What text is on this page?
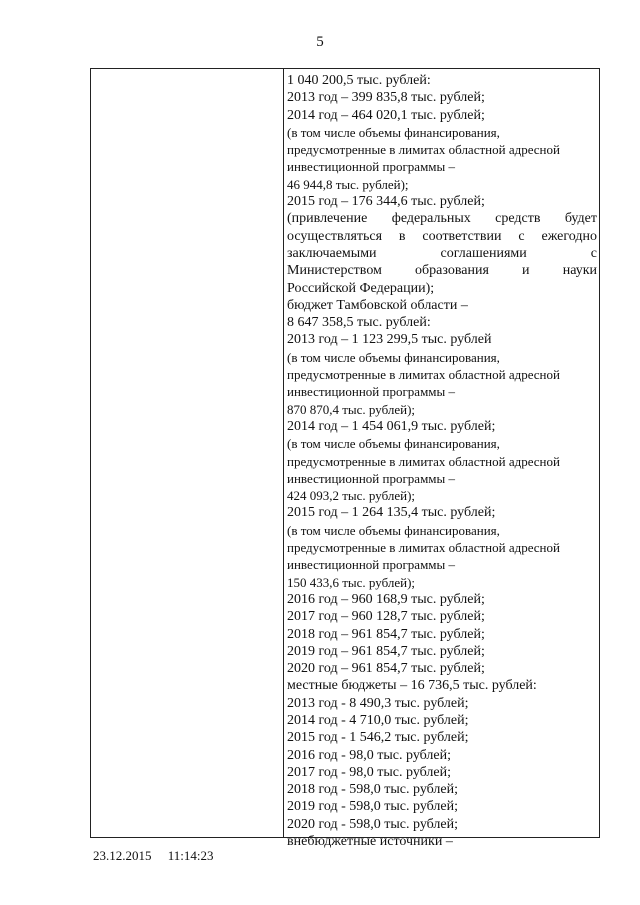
5
1 040 200,5 тыс. рублей:
2013 год – 399 835,8 тыс. рублей;
2014 год – 464 020,1 тыс. рублей;
(в том числе объемы финансирования,
предусмотренные в лимитах областной адресной
инвестиционной программы –
46 944,8 тыс. рублей);
2015 год – 176 344,6 тыс. рублей;
(привлечение федеральных средств будет
осуществляться в соответствии с ежегодно
заключаемыми соглашениями с
Министерством образования и науки
Российской Федерации);
бюджет Тамбовской области –
8 647 358,5 тыс. рублей:
2013 год – 1 123 299,5 тыс. рублей
(в том числе объемы финансирования,
предусмотренные в лимитах областной адресной
инвестиционной программы –
870 870,4 тыс. рублей);
2014 год – 1 454 061,9 тыс. рублей;
(в том числе объемы финансирования,
предусмотренные в лимитах областной адресной
инвестиционной программы –
424 093,2 тыс. рублей);
2015 год – 1 264 135,4 тыс. рублей;
(в том числе объемы финансирования,
предусмотренные в лимитах областной адресной
инвестиционной программы –
150 433,6 тыс. рублей);
2016 год – 960 168,9 тыс. рублей;
2017 год – 960 128,7 тыс. рублей;
2018 год – 961 854,7 тыс. рублей;
2019 год – 961 854,7 тыс. рублей;
2020 год – 961 854,7 тыс. рублей;
местные бюджеты – 16 736,5 тыс. рублей:
2013 год - 8 490,3 тыс. рублей;
2014 год - 4 710,0 тыс. рублей;
2015 год - 1 546,2 тыс. рублей;
2016 год - 98,0 тыс. рублей;
2017 год - 98,0 тыс. рублей;
2018 год - 598,0 тыс. рублей;
2019 год - 598,0 тыс. рублей;
2020 год - 598,0 тыс. рублей;
внебюджетные источники –
23.12.2015 11:14:23
